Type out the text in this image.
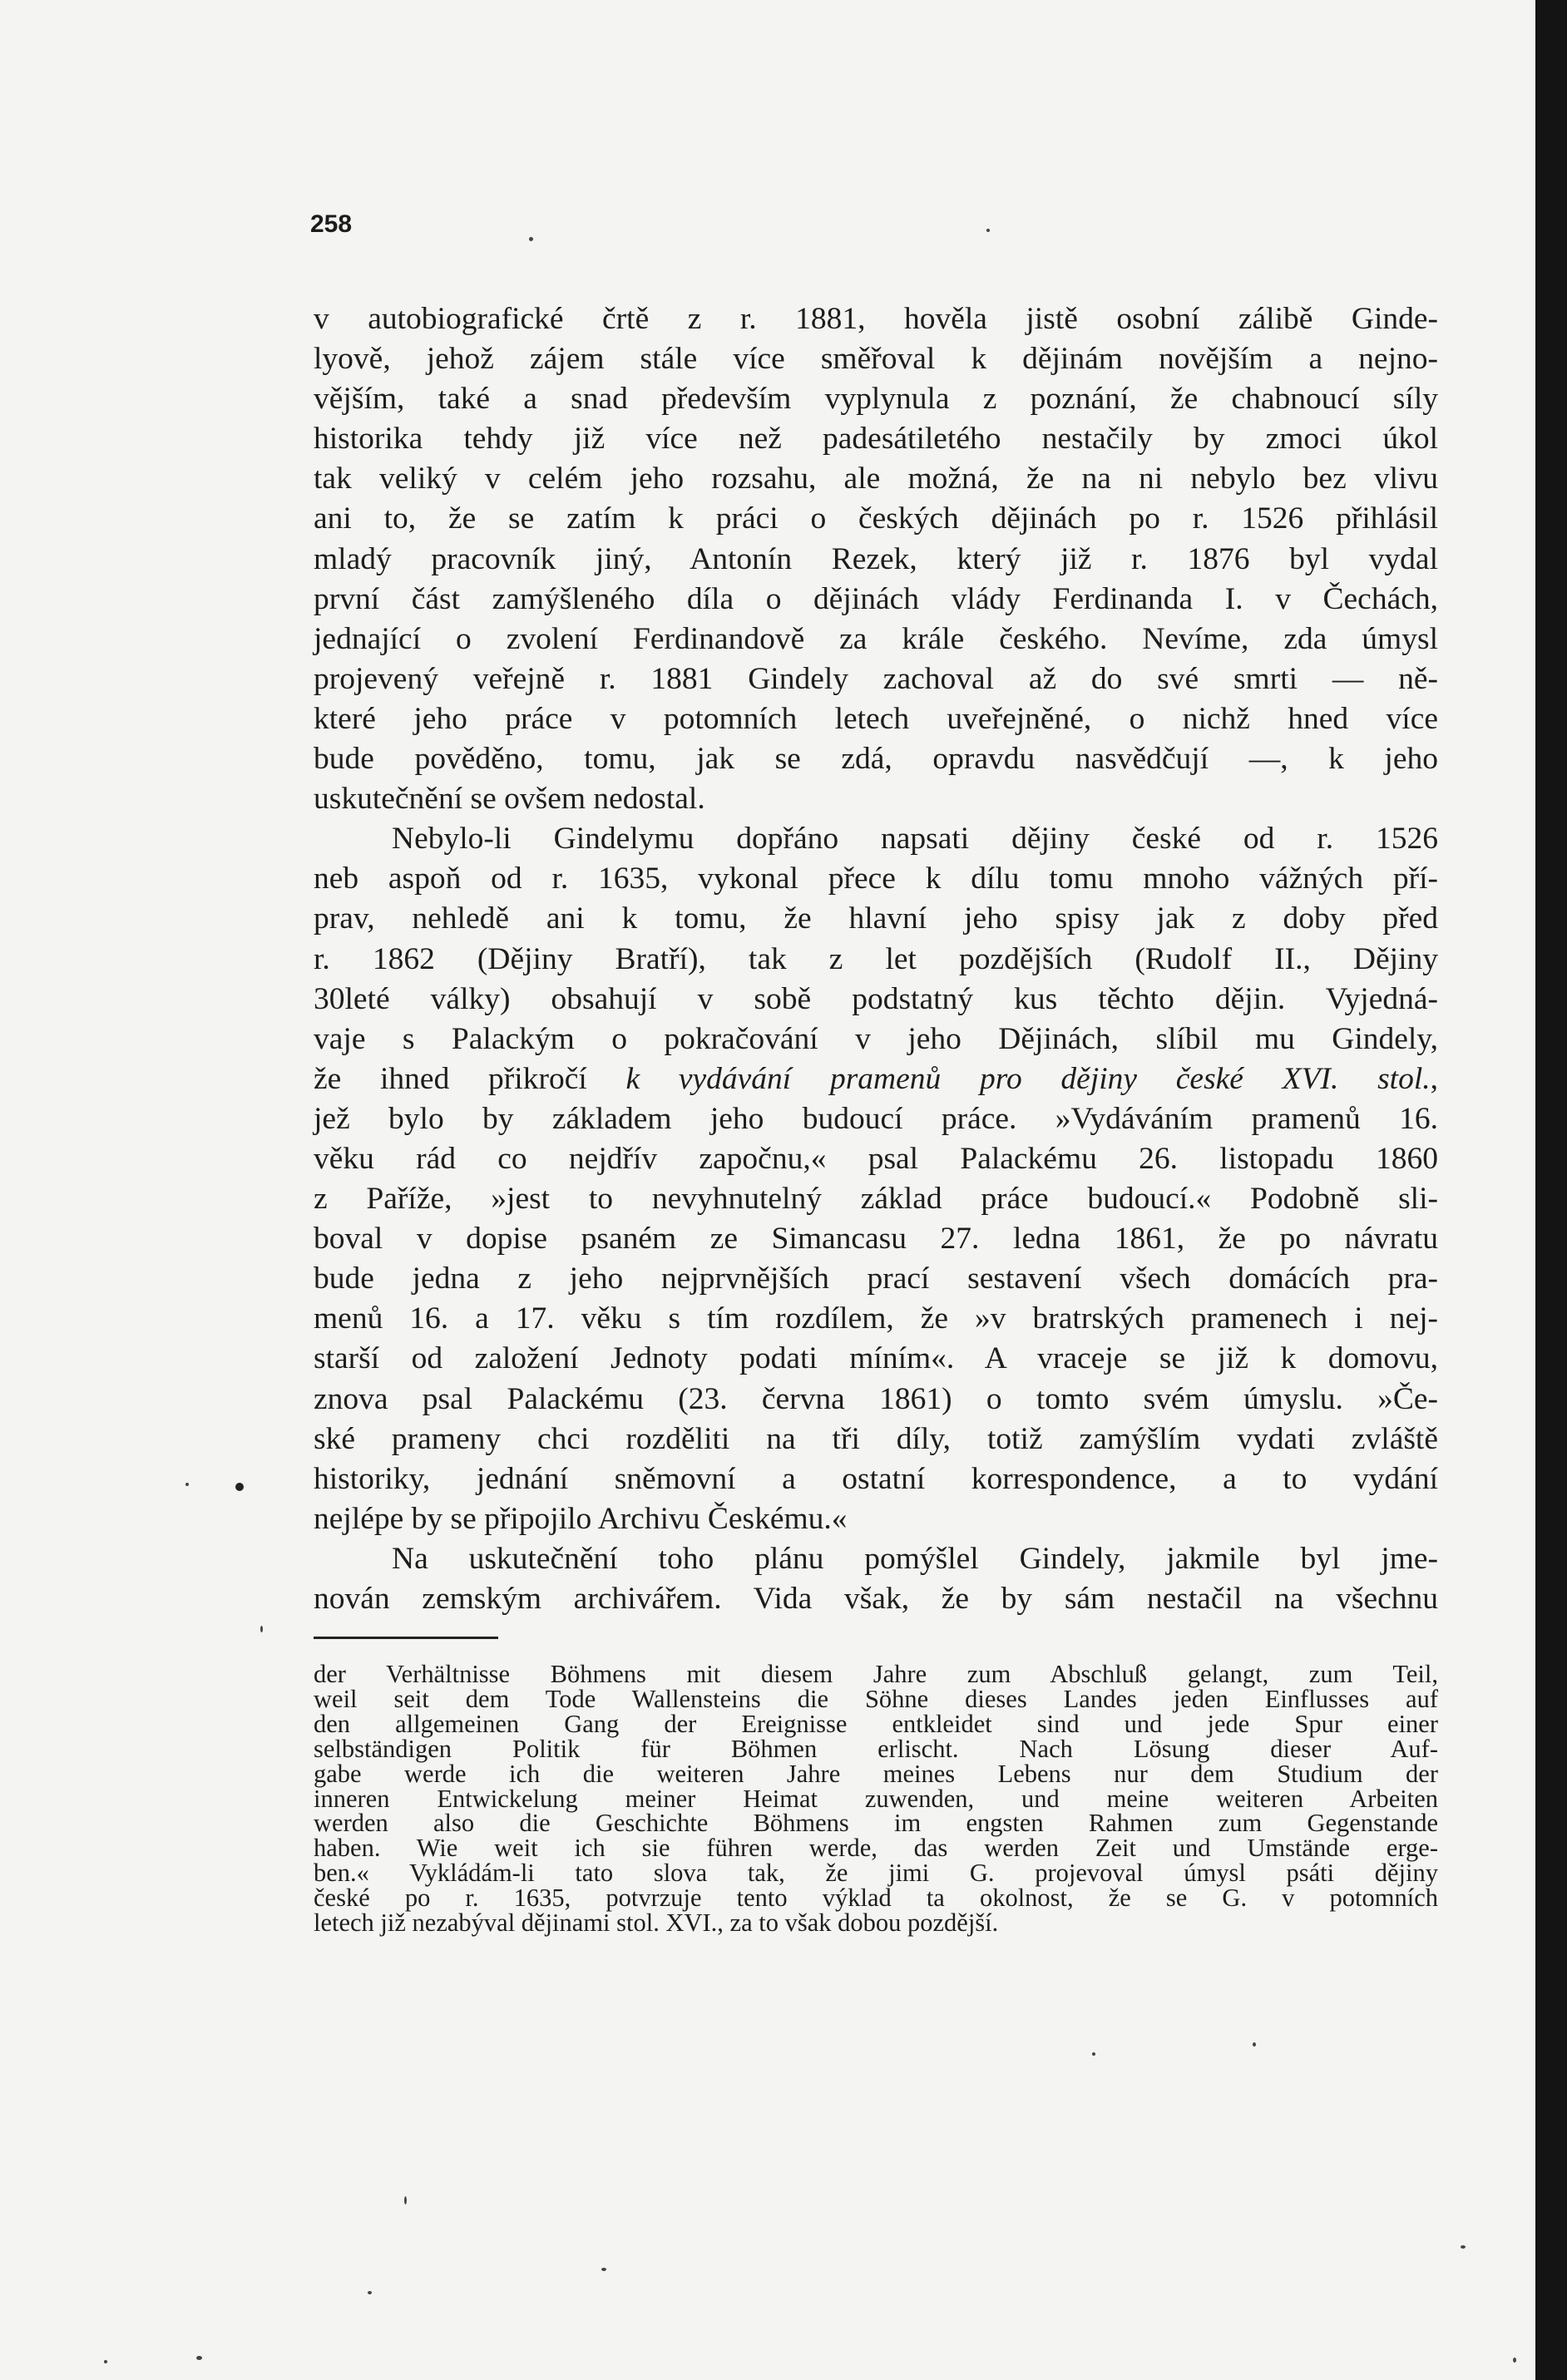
258

v autobiografické črtě z r. 1881, hověla jistě osobní zálibě Ginde-
lyově, jehož zájem stále více směřoval k dějinám novějším a nejno-
vějším, také a snad především vyplynula z poznání, že chabnoucí síly
historika tehdy již více než padesátiletého nestačily by zmoci úkol
tak veliký v celém jeho rozsahu, ale možná, že na ni nebylo bez vlivu
ani to, že se zatím k práci o českých dějinách po r. 1526 přihlásil
mladý pracovník jiný, Antonín Rezek, který již r. 1876 byl vydal
první část zamýšleného díla o dějinách vlády Ferdinanda I. v Čechách,
jednající o zvolení Ferdinandově za krále českého. Nevíme, zda úmysl
projevený veřejně r. 1881 Gindely zachoval až do své smrti — ně-
které jeho práce v potomních letech uveřejněné, o nichž hned více
bude pověděno, tomu, jak se zdá, opravdu nasvědčují —, k jeho
uskutečnění se ovšem nedostal.

Nebylo-li Gindelymu dopřáno napsati dějiny české od r. 1526
neb aspoň od r. 1635, vykonal přece k dílu tomu mnoho vážných pří-
prav, nehledě ani k tomu, že hlavní jeho spisy jak z doby před
r. 1862 (Dějiny Bratří), tak z let pozdějších (Rudolf II., Dějiny
30leté války) obsahují v sobě podstatný kus těchto dějin. Vyjedná-
vaje s Palackým o pokračování v jeho Dějinách, slíbil mu Gindely,
že ihned přikročí k vydávání pramenů pro dějiny české XVI. stol.,
jež bylo by základem jeho budoucí práce. »Vydáváním pramenů 16.
věku rád co nejdřív započnu,« psal Palackému 26. listopadu 1860
z Paříže, »jest to nevyhnutelný základ práce budoucí.« Podobně sli-
boval v dopise psaném ze Simancasu 27. ledna 1861, že po návratu
bude jedna z jeho nejprvnějších prací sestavení všech domácích pra-
menů 16. a 17. věku s tím rozdílem, že »v bratrských pramenech i nej-
starší od založení Jednoty podati míním«. A vraceje se již k domovu,
znova psal Palackému (23. června 1861) o tomto svém úmyslu. »Če-
ské prameny chci rozděliti na tři díly, totiž zamýšlím vydati zvláště
historiky, jednání sněmovní a ostatní korrespondence, a to vydání
nejlépe by se připojilo Archivu Českému.«

Na uskutečnění toho plánu pomýšlel Gindely, jakmile byl jme-
nován zemským archivářem. Vida však, že by sám nestačil na všechnu

der Verhältnisse Böhmens mit diesem Jahre zum Abschluß gelangt, zum Teil,
weil seit dem Tode Wallensteins die Söhne dieses Landes jeden Einflusses auf
den allgemeinen Gang der Ereignisse entkleidet sind und jede Spur einer
selbständigen Politik für Böhmen erlischt. Nach Lösung dieser Auf-
gabe werde ich die weiteren Jahre meines Lebens nur dem Studium der
inneren Entwickelung meiner Heimat zuwenden, und meine weiteren Arbeiten
werden also die Geschichte Böhmens im engsten Rahmen zum Gegenstande
haben. Wie weit ich sie führen werde, das werden Zeit und Umstände erge-
ben.« Vykládám-li tato slova tak, že jimi G. projevoval úmysl psáti dějiny
české po r. 1635, potvrzuje tento výklad ta okolnost, že se G. v potomních
letech již nezabýval dějinami stol. XVI., za to však dobou pozdější.
